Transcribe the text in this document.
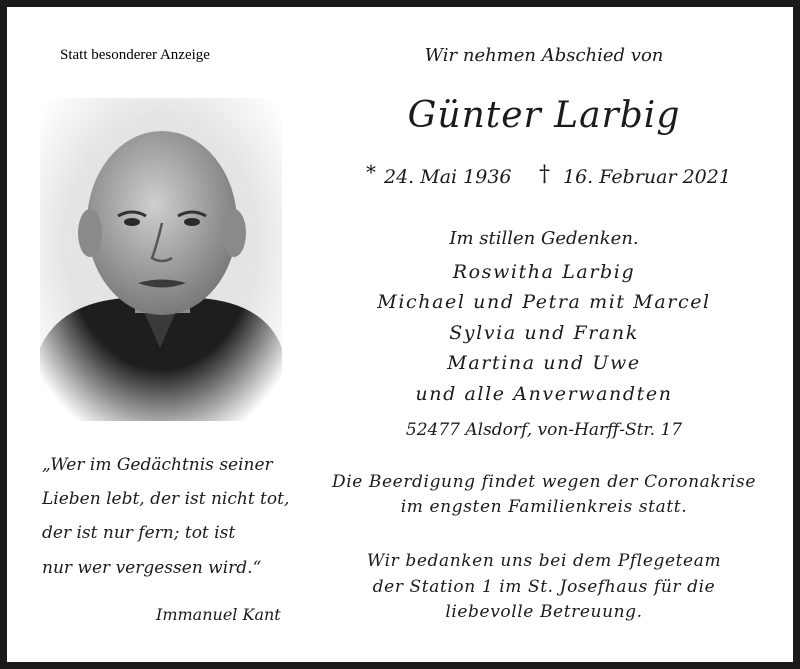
Statt besonderer Anzeige
„Wer im Gedächtnis seiner
Lieben lebt, der ist nicht tot,
der ist nur fern; tot ist
nur wer vergessen wird.“
Immanuel Kant
Wir nehmen Abschied von
Günter Larbig
* 24. Mai 1936 † 16. Februar 2021
Im stillen Gedenken.
Roswitha Larbig
Michael und Petra mit Marcel
Sylvia und Frank
Martina und Uwe
und alle Anverwandten
52477 Alsdorf, von-Harff-Str. 17
Die Beerdigung findet wegen der Coronakrise
im engsten Familienkreis statt.
Wir bedanken uns bei dem Pflegeteam
der Station 1 im St. Josefhaus für die
liebevolle Betreuung.
